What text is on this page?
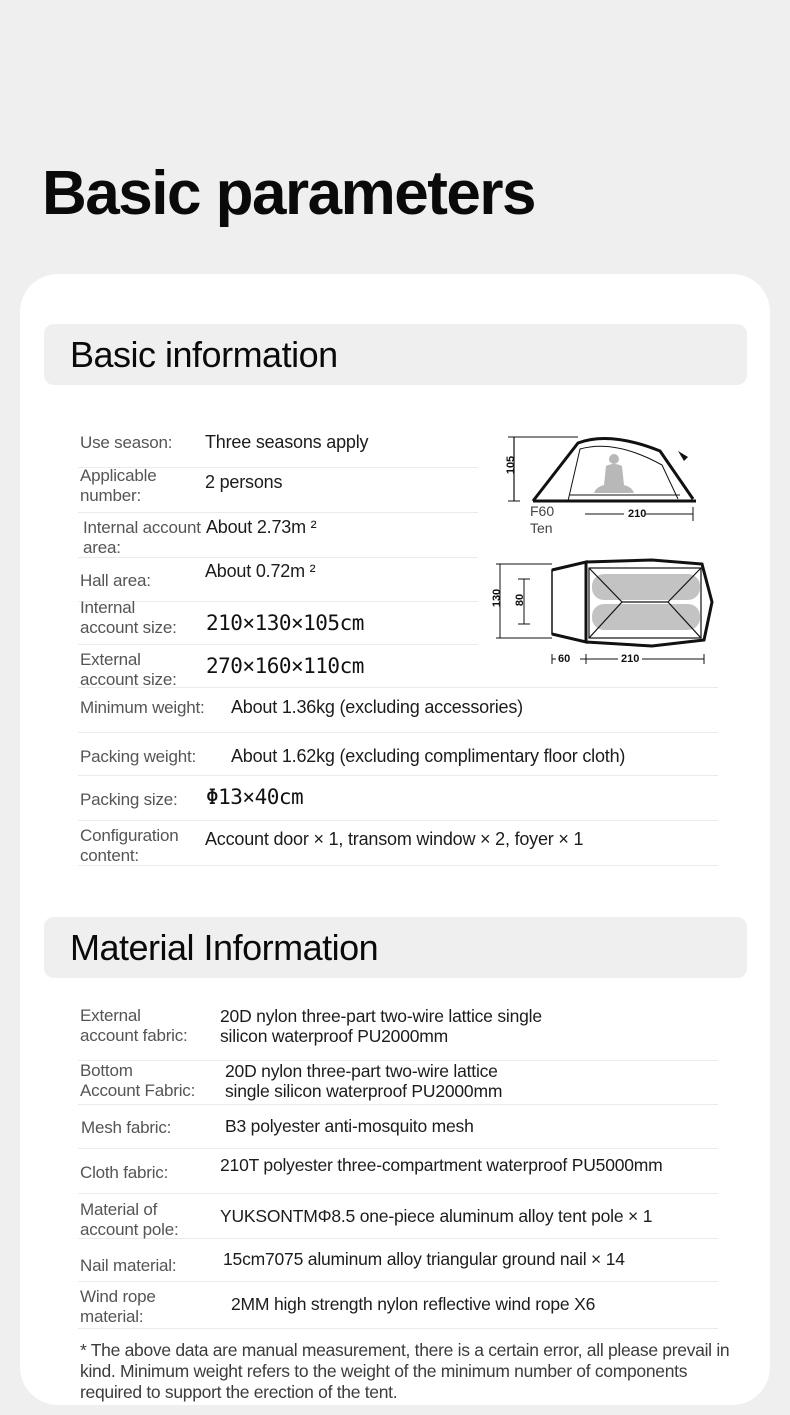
Basic parameters
Basic information
Use season: Three seasons apply
Applicable number:
2 persons
Internal account area:
About 2.73m ²
Hall area:	About 0.72m ²
Internal account size:	210×130×105cm
External account size:
270×160×110cm
Minimum weight: About 1.36kg (excluding accessories)
Packing weight: About 1.62kg (excluding complimentary floor cloth)
Packing size: Φ13×40cm
Configuration content:
Account door × 1, transom window × 2, foyer × 1
105
210
F60
Ten
130 80
60	210
Material Information
External
account fabric:
20D nylon three-part two-wire lattice single
silicon waterproof PU2000mm
Bottom
Account Fabric:
20D nylon three-part two-wire lattice
single silicon waterproof PU2000mm
Mesh fabric:	B3 polyester anti-mosquito mesh
Cloth fabric:	210T polyester three-compartment waterproof PU5000mm
Material of
account pole:
YUKSONTMΦ8.5 one-piece aluminum alloy tent pole × 1
Nail material:	15cm7075 aluminum alloy triangular ground nail × 14
Wind rope
material:
2MM high strength nylon reflective wind rope X6
* The above data are manual measurement, there is a certain error, all please prevail in kind. Minimum weight refers to the weight of the minimum number of components required to support the erection of the tent.
